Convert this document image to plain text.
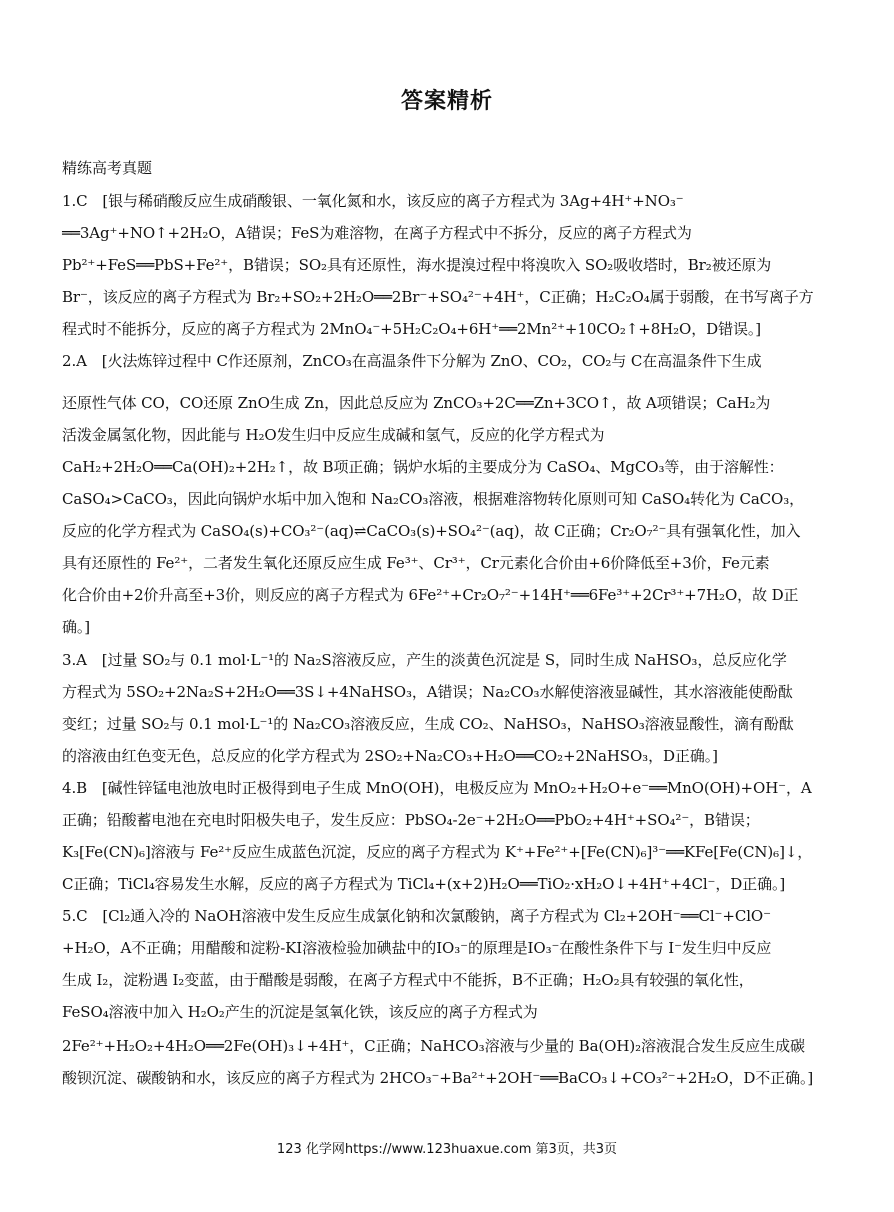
答案精析
精练高考真题
1.C　[银与稀硝酸反应生成硝酸银、一氧化氮和水，该反应的离子方程式为 3Ag+4H⁺+NO₃⁻
══3Ag⁺+NO↑+2H₂O，A错误；FeS为难溶物，在离子方程式中不拆分，反应的离子方程式为
Pb²⁺+FeS══PbS+Fe²⁺，B错误；SO₂具有还原性，海水提溴过程中将溴吹入 SO₂吸收塔时，Br₂被还原为
Br⁻，该反应的离子方程式为 Br₂+SO₂+2H₂O══2Br⁻+SO₄²⁻+4H⁺，C正确；H₂C₂O₄属于弱酸，在书写离子方
程式时不能拆分，反应的离子方程式为 2MnO₄⁻+5H₂C₂O₄+6H⁺══2Mn²⁺+10CO₂↑+8H₂O，D错误。]
2.A　[火法炼锌过程中 C作还原剂，ZnCO₃在高温条件下分解为 ZnO、CO₂，CO₂与 C在高温条件下生成
还原性气体 CO，CO还原 ZnO生成 Zn，因此总反应为 ZnCO₃+2C══Zn+3CO↑，故 A项错误；CaH₂为
活泼金属氢化物，因此能与 H₂O发生归中反应生成碱和氢气，反应的化学方程式为
CaH₂+2H₂O══Ca(OH)₂+2H₂↑，故 B项正确；锅炉水垢的主要成分为 CaSO₄、MgCO₃等，由于溶解性：
CaSO₄>CaCO₃，因此向锅炉水垢中加入饱和 Na₂CO₃溶液，根据难溶物转化原则可知 CaSO₄转化为 CaCO₃，
反应的化学方程式为 CaSO₄(s)+CO₃²⁻(aq)⇌CaCO₃(s)+SO₄²⁻(aq)，故 C正确；Cr₂O₇²⁻具有强氧化性，加入
具有还原性的 Fe²⁺，二者发生氧化还原反应生成 Fe³⁺、Cr³⁺，Cr元素化合价由+6价降低至+3价，Fe元素
化合价由+2价升高至+3价，则反应的离子方程式为 6Fe²⁺+Cr₂O₇²⁻+14H⁺══6Fe³⁺+2Cr³⁺+7H₂O，故 D正
确。]
3.A　[过量 SO₂与 0.1 mol·L⁻¹的 Na₂S溶液反应，产生的淡黄色沉淀是 S，同时生成 NaHSO₃，总反应化学
方程式为 5SO₂+2Na₂S+2H₂O══3S↓+4NaHSO₃，A错误；Na₂CO₃水解使溶液显碱性，其水溶液能使酚酞
变红；过量 SO₂与 0.1 mol·L⁻¹的 Na₂CO₃溶液反应，生成 CO₂、NaHSO₃，NaHSO₃溶液显酸性，滴有酚酞
的溶液由红色变无色，总反应的化学方程式为 2SO₂+Na₂CO₃+H₂O══CO₂+2NaHSO₃，D正确。]
4.B　[碱性锌锰电池放电时正极得到电子生成 MnO(OH)，电极反应为 MnO₂+H₂O+e⁻══MnO(OH)+OH⁻，A
正确；铅酸蓄电池在充电时阳极失电子，发生反应：PbSO₄-2e⁻+2H₂O══PbO₂+4H⁺+SO₄²⁻，B错误；
K₃[Fe(CN)₆]溶液与 Fe²⁺反应生成蓝色沉淀，反应的离子方程式为 K⁺+Fe²⁺+[Fe(CN)₆]³⁻══KFe[Fe(CN)₆]↓，
C正确；TiCl₄容易发生水解，反应的离子方程式为 TiCl₄+(x+2)H₂O══TiO₂·xH₂O↓+4H⁺+4Cl⁻，D正确。]
5.C　[Cl₂通入冷的 NaOH溶液中发生反应生成氯化钠和次氯酸钠，离子方程式为 Cl₂+2OH⁻══Cl⁻+ClO⁻
+H₂O，A不正确；用醋酸和淀粉-KI溶液检验加碘盐中的IO₃⁻的原理是IO₃⁻在酸性条件下与 I⁻发生归中反应
生成 I₂，淀粉遇 I₂变蓝，由于醋酸是弱酸，在离子方程式中不能拆，B不正确；H₂O₂具有较强的氧化性，
FeSO₄溶液中加入 H₂O₂产生的沉淀是氢氧化铁，该反应的离子方程式为
2Fe²⁺+H₂O₂+4H₂O══2Fe(OH)₃↓+4H⁺，C正确；NaHCO₃溶液与少量的 Ba(OH)₂溶液混合发生反应生成碳
酸钡沉淀、碳酸钠和水，该反应的离子方程式为 2HCO₃⁻+Ba²⁺+2OH⁻══BaCO₃↓+CO₃²⁻+2H₂O，D不正确。]
123 化学网https://www.123huaxue.com 第3页，共3页
